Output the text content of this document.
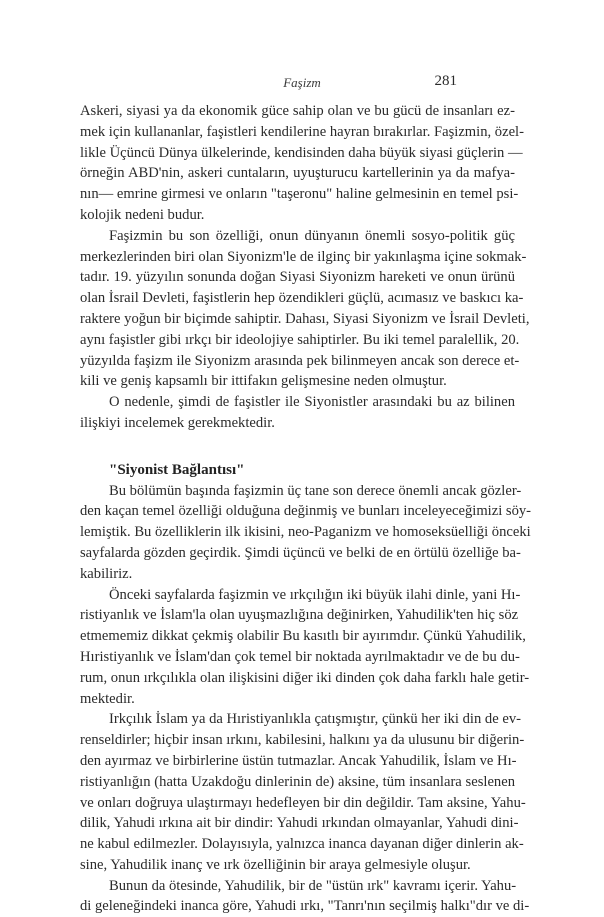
Faşizm	281
Askeri, siyasi ya da ekonomik güce sahip olan ve bu gücü de insanları ez-
mek için kullananlar, faşistleri kendilerine hayran bırakırlar. Faşizmin, özel-
likle Üçüncü Dünya ülkelerinde, kendisinden daha büyük siyasi güçlerin —
örneğin ABD'nin, askeri cuntaların, uyuşturucu kartellerinin ya da mafya-
nın— emrine girmesi ve onların "taşeronu" haline gelmesinin en temel psi-
kolojik nedeni budur.
Faşizmin bu son özelliği, onun dünyanın önemli sosyo-politik güç
merkezlerinden biri olan Siyonizm'le de ilginç bir yakınlaşma içine sokmak-
tadır. 19. yüzyılın sonunda doğan Siyasi Siyonizm hareketi ve onun ürünü
olan İsrail Devleti, faşistlerin hep özendikleri güçlü, acımasız ve baskıcı ka-
raktere yoğun bir biçimde sahiptir. Dahası, Siyasi Siyonizm ve İsrail Devleti,
aynı faşistler gibi ırkçı bir ideolojiye sahiptirler. Bu iki temel paralellik, 20.
yüzyılda faşizm ile Siyonizm arasında pek bilinmeyen ancak son derece et-
kili ve geniş kapsamlı bir ittifakın gelişmesine neden olmuştur.
O nedenle, şimdi de faşistler ile Siyonistler arasındaki bu az bilinen
ilişkiyi incelemek gerekmektedir.
"Siyonist Bağlantısı"
Bu bölümün başında faşizmin üç tane son derece önemli ancak gözler-
den kaçan temel özelliği olduğuna değinmiş ve bunları inceleyeceğimizi söy-
lemiştik. Bu özelliklerin ilk ikisini, neo-Paganizm ve homoseksüelliği önceki
sayfalarda gözden geçirdik. Şimdi üçüncü ve belki de en örtülü özelliğe ba-
kabiliriz.
Önceki sayfalarda faşizmin ve ırkçılığın iki büyük ilahi dinle, yani Hı-
ristiyanlık ve İslam'la olan uyuşmazlığına değinirken, Yahudilik'ten hiç söz
etmememiz dikkat çekmiş olabilir Bu kasıtlı bir ayırımdır. Çünkü Yahudilik,
Hıristiyanlık ve İslam'dan çok temel bir noktada ayrılmaktadır ve de bu du-
rum, onun ırkçılıkla olan ilişkisini diğer iki dinden çok daha farklı hale getir-
mektedir.
Irkçılık İslam ya da Hıristiyanlıkla çatışmıştır, çünkü her iki din de ev-
renseldirler; hiçbir insan ırkını, kabilesini, halkını ya da ulusunu bir diğerin-
den ayırmaz ve birbirlerine üstün tutmazlar. Ancak Yahudilik, İslam ve Hı-
ristiyanlığın (hatta Uzakdoğu dinlerinin de) aksine, tüm insanlara seslenen
ve onları doğruya ulaştırmayı hedefleyen bir din değildir. Tam aksine, Yahu-
dilik, Yahudi ırkına ait bir dindir: Yahudi ırkından olmayanlar, Yahudi dini-
ne kabul edilmezler. Dolayısıyla, yalnızca inanca dayanan diğer dinlerin ak-
sine, Yahudilik inanç ve ırk özelliğinin bir araya gelmesiyle oluşur.
Bunun da ötesinde, Yahudilik, bir de "üstün ırk" kavramı içerir. Yahu-
di geleneğindeki inanca göre, Yahudi ırkı, "Tanrı'nın seçilmiş halkı"dır ve di-
